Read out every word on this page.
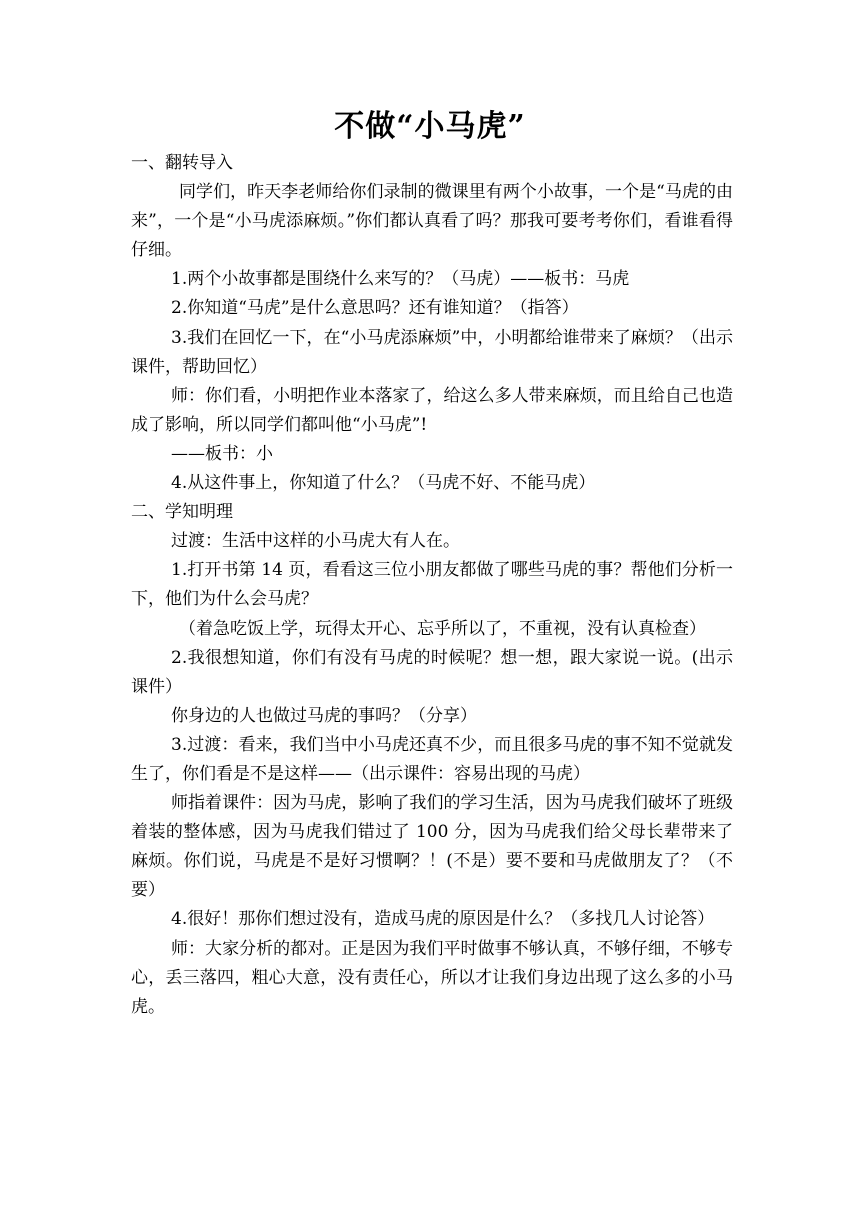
不做“小马虎”

一、翻转导入

同学们，昨天李老师给你们录制的微课里有两个小故事，一个是“马虎的由来”，一个是“小马虎添麻烦。”你们都认真看了吗？那我可要考考你们，看谁看得仔细。

1.两个小故事都是围绕什么来写的？（马虎）——板书：马虎

2.你知道“马虎”是什么意思吗？还有谁知道？（指答）

3.我们在回忆一下，在“小马虎添麻烦”中，小明都给谁带来了麻烦？（出示课件，帮助回忆）

师：你们看，小明把作业本落家了，给这么多人带来麻烦，而且给自己也造成了影响，所以同学们都叫他“小马虎”!

——板书：小

4.从这件事上，你知道了什么？（马虎不好、不能马虎）

二、学知明理

过渡：生活中这样的小马虎大有人在。

1.打开书第 14 页，看看这三位小朋友都做了哪些马虎的事？帮他们分析一下，他们为什么会马虎？

（着急吃饭上学，玩得太开心、忘乎所以了，不重视，没有认真检查）

2.我很想知道，你们有没有马虎的时候呢？想一想，跟大家说一说。(出示课件）

你身边的人也做过马虎的事吗？（分享）

3.过渡：看来，我们当中小马虎还真不少，而且很多马虎的事不知不觉就发生了，你们看是不是这样——（出示课件：容易出现的马虎）

师指着课件：因为马虎，影响了我们的学习生活，因为马虎我们破坏了班级着装的整体感，因为马虎我们错过了 100 分，因为马虎我们给父母长辈带来了麻烦。你们说，马虎是不是好习惯啊？！(不是）要不要和马虎做朋友了？（不要）

4.很好！那你们想过没有，造成马虎的原因是什么？（多找几人讨论答）

师：大家分析的都对。正是因为我们平时做事不够认真，不够仔细，不够专心，丢三落四，粗心大意，没有责任心，所以才让我们身边出现了这么多的小马虎。
